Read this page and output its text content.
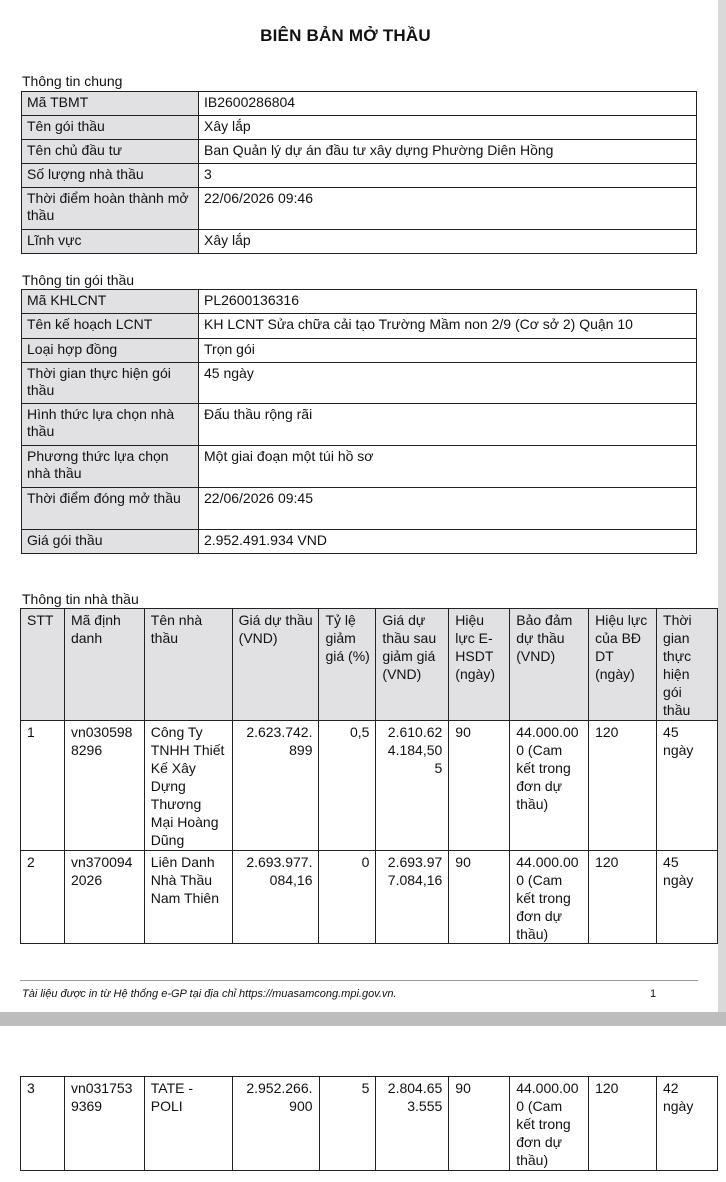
BIÊN BẢN MỞ THẦU
Thông tin chung
Mã TBMT	IB2600286804
Tên gói thầu	Xây lắp
Tên chủ đầu tư	Ban Quản lý dự án đầu tư xây dựng Phường Diên Hồng
Số lượng nhà thầu	3
Thời điểm hoàn thành mở thầu	22/06/2026 09:46
Lĩnh vực	Xây lắp
Thông tin gói thầu
Mã KHLCNT	PL2600136316
Tên kế hoạch LCNT	KH LCNT Sửa chữa cải tạo Trường Mầm non 2/9 (Cơ sở 2) Quận 10
Loại hợp đồng	Trọn gói
Thời gian thực hiện gói thầu	45 ngày
Hình thức lựa chọn nhà thầu	Đấu thầu rộng rãi
Phương thức lựa chọn nhà thầu	Một giai đoạn một túi hồ sơ
Thời điểm đóng mở thầu	22/06/2026 09:45
Giá gói thầu	2.952.491.934 VND
Thông tin nhà thầu
STT	Mã định danh	Tên nhà thầu	Giá dự thầu (VND)	Tỷ lệ giảm giá (%)	Giá dự thầu sau giảm giá (VND)	Hiệu lực E-HSDT (ngày)	Bảo đảm dự thầu (VND)	Hiệu lực của BĐ DT (ngày)	Thời gian thực hiện gói thầu
1	vn0305988296	Công Ty TNHH Thiết Kế Xây Dựng Thương Mại Hoàng Dũng	2.623.742.899	0,5	2.610.624.184,505	90	44.000.000 (Cam kết trong đơn dự thầu)	120	45 ngày
2	vn3700942026	Liên Danh Nhà Thầu Nam Thiên	2.693.977.084,16	0	2.693.977.084,16	90	44.000.000 (Cam kết trong đơn dự thầu)	120	45 ngày
Tài liệu được in từ Hệ thống e-GP tại địa chỉ https://muasamcong.mpi.gov.vn.	1
3	vn0317539369	TATE - POLI	2.952.266.900	5	2.804.653.555	90	44.000.000 (Cam kết trong đơn dự thầu)	120	42 ngày
